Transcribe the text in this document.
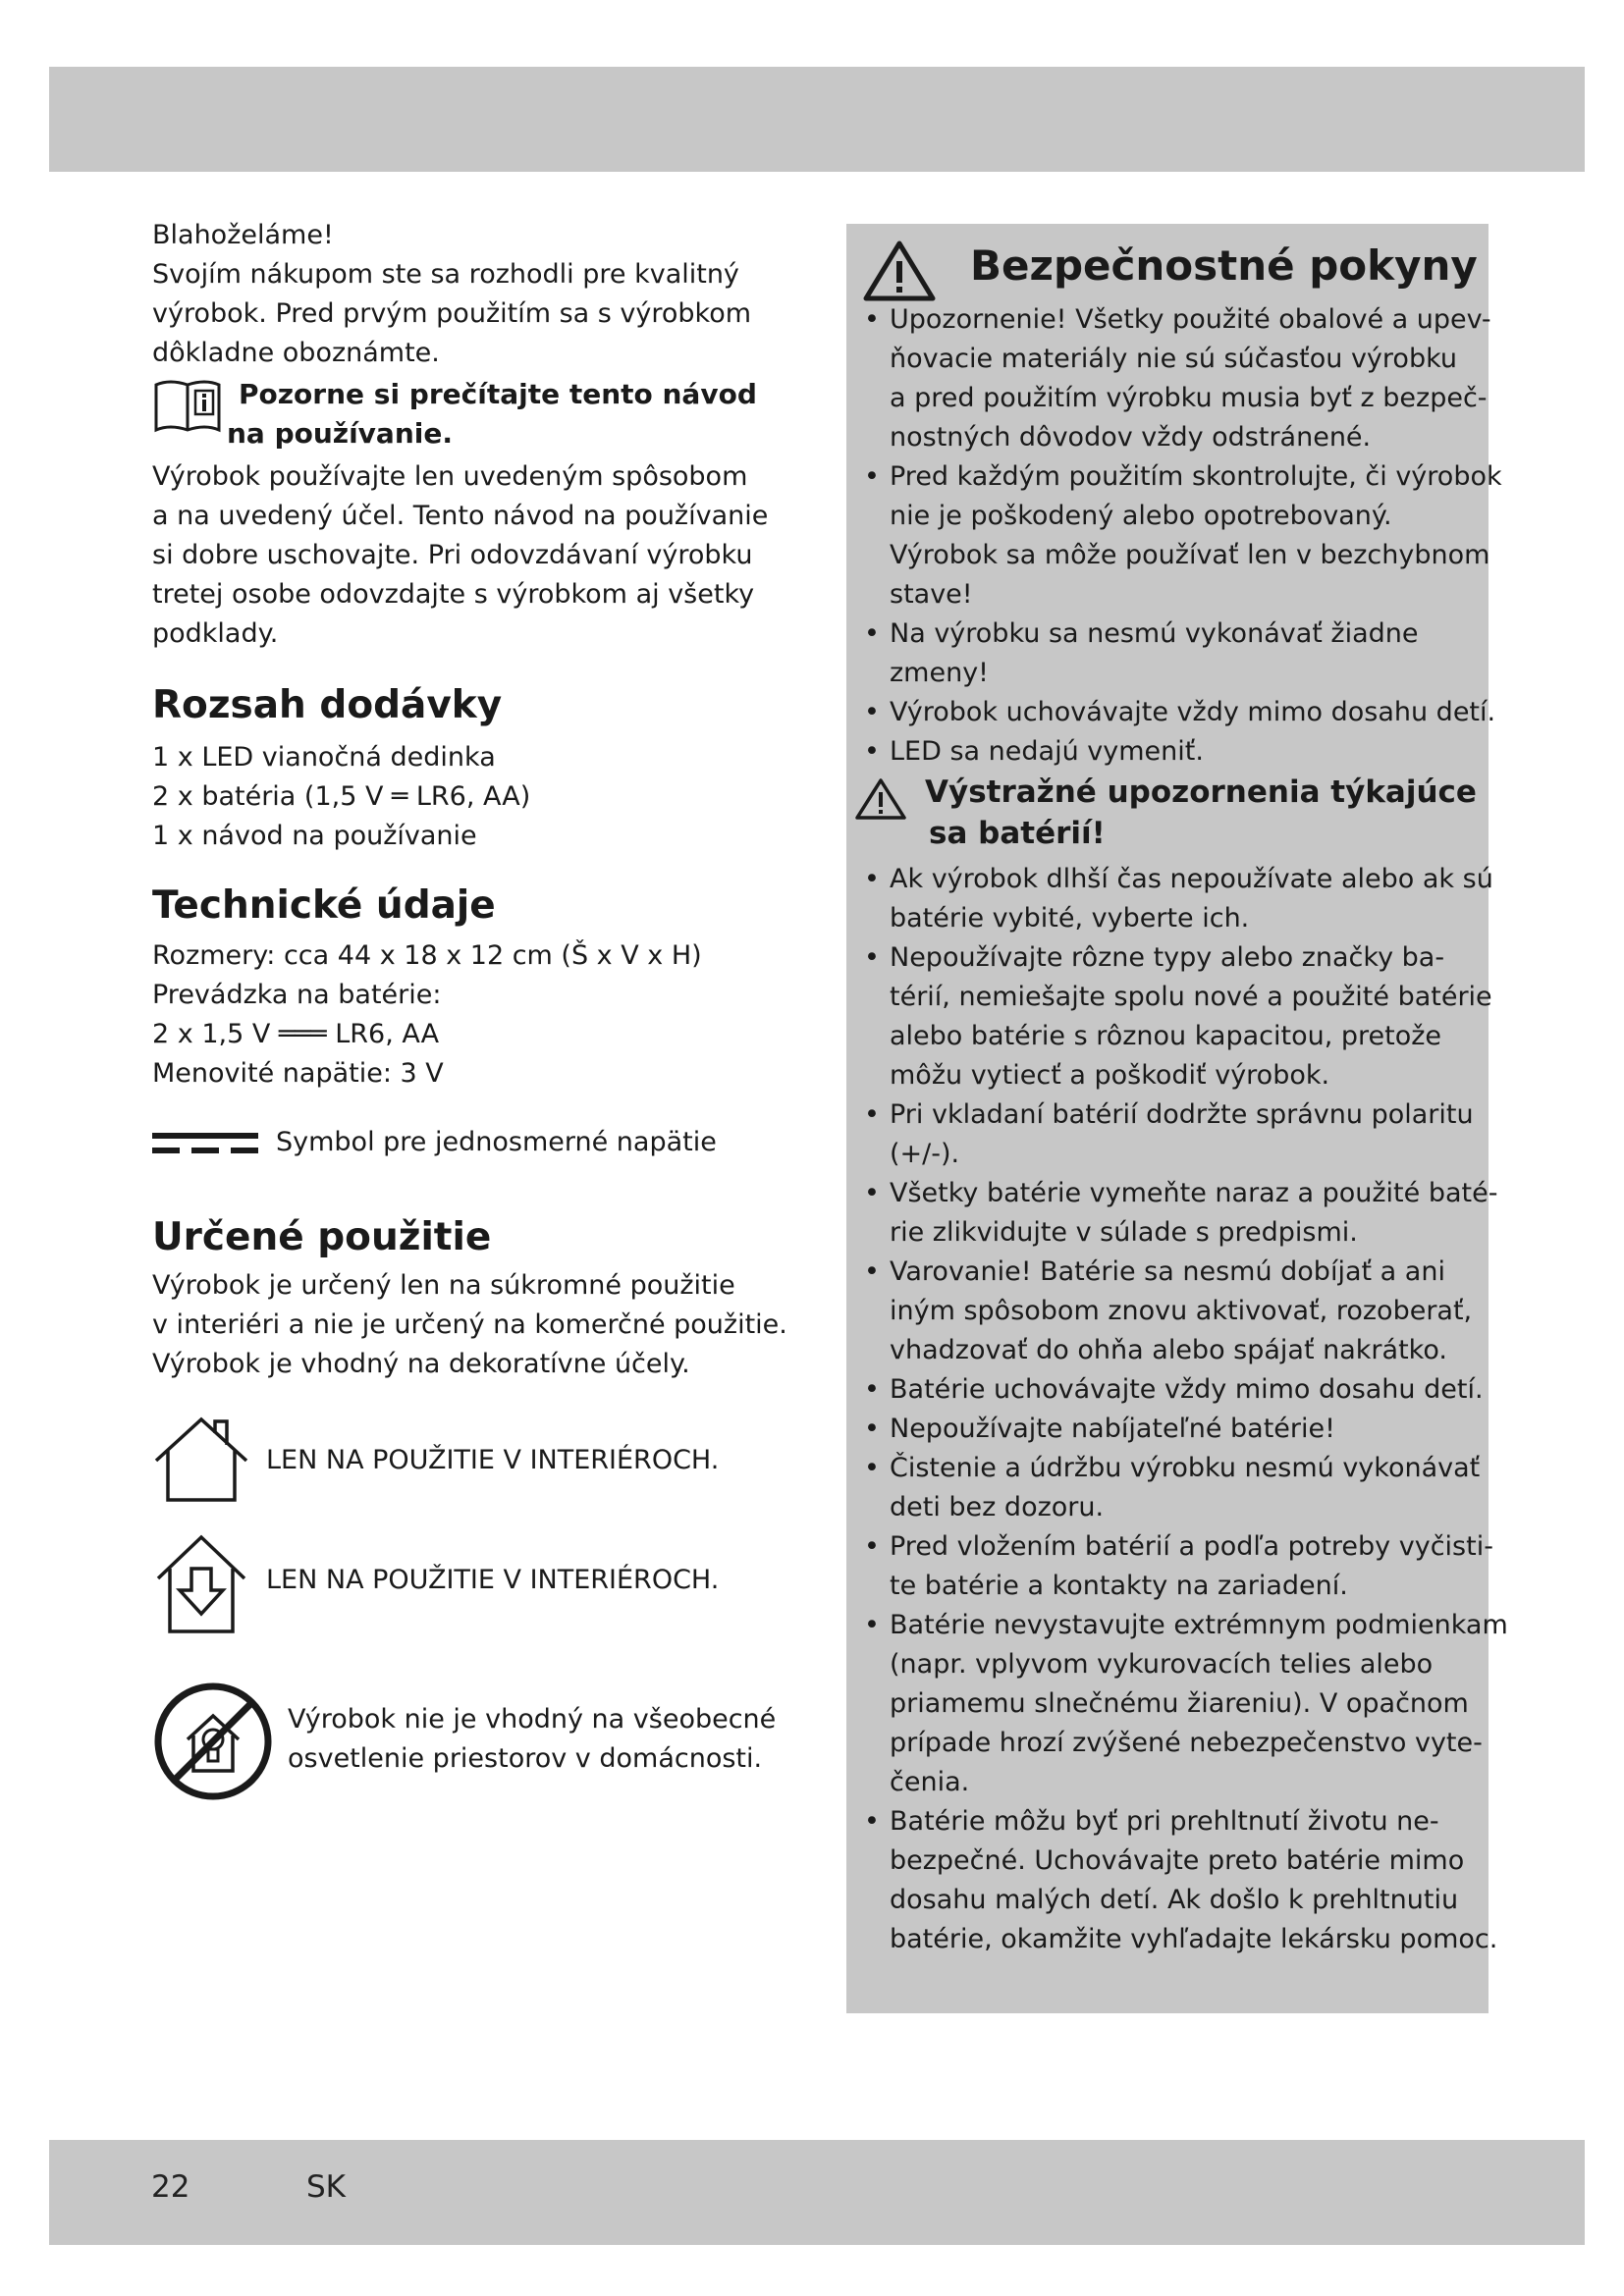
Blahoželáme!

Svojím nákupom ste sa rozhodli pre kvalitný

výrobok. Pred prvým použitím sa s výrobkom

dôkladne oboznámte.

Pozorne si prečítajte tento návod
na používanie.

Výrobok používajte len uvedeným spôsobom

a na uvedený účel. Tento návod na používanie

si dobre uschovajte. Pri odovzdávaní výrobku

tretej osobe odovzdajte s výrobkom aj všetky

podklady.

Rozsah dodávky

1 x LED vianočná dedinka

2 x batéria (1,5 V ═ LR6, AA)

1 x návod na používanie

Technické údaje

Rozmery: cca 44 x 18 x 12 cm (Š x V x H)

Prevádzka na batérie:

2 x 1,5 V ═══ LR6, AA

Menovité napätie: 3 V

Symbol pre jednosmerné napätie
Určené použitie

Výrobok je určený len na súkromné použitie

v interiéri a nie je určený na komerčné použitie.

Výrobok je vhodný na dekoratívne účely.

LEN NA POUŽITIE V INTERIÉROCH.
LEN NA POUŽITIE V INTERIÉROCH.
Výrobok nie je vhodný na všeobecné
osvetlenie priestorov v domácnosti.
Bezpečnostné pokyny
• Upozornenie! Všetky použité obalové a upev-
ňovacie materiály nie sú súčasťou výrobku
a pred použitím výrobku musia byť z bezpeč-
nostných dôvodov vždy odstránené.
• Pred každým použitím skontrolujte, či výrobok
nie je poškodený alebo opotrebovaný.
Výrobok sa môže používať len v bezchybnom
stave!
• Na výrobku sa nesmú vykonávať žiadne
zmeny!
• Výrobok uchovávajte vždy mimo dosahu detí.
• LED sa nedajú vymeniť.
Výstražné upozornenia týkajúce
sa batérií!
• Ak výrobok dlhší čas nepoužívate alebo ak sú
batérie vybité, vyberte ich.
• Nepoužívajte rôzne typy alebo značky ba-
térií, nemiešajte spolu nové a použité batérie
alebo batérie s rôznou kapacitou, pretože
môžu vytiecť a poškodiť výrobok.
• Pri vkladaní batérií dodržte správnu polaritu
(+/-).
• Všetky batérie vymeňte naraz a použité baté-
rie zlikvidujte v súlade s predpismi.
• Varovanie! Batérie sa nesmú dobíjať a ani
iným spôsobom znovu aktivovať, rozoberať,
vhadzovať do ohňa alebo spájať nakrátko.
• Batérie uchovávajte vždy mimo dosahu detí.
• Nepoužívajte nabíjateľné batérie!
• Čistenie a údržbu výrobku nesmú vykonávať
deti bez dozoru.
• Pred vložením batérií a podľa potreby vyčisti-
te batérie a kontakty na zariadení.
• Batérie nevystavujte extrémnym podmienkam
(napr. vplyvom vykurovacích telies alebo
priamemu slnečnému žiareniu). V opačnom
prípade hrozí zvýšené nebezpečenstvo vyte-
čenia.
• Batérie môžu byť pri prehltnutí životu ne-
bezpečné. Uchovávajte preto batérie mimo
dosahu malých detí. Ak došlo k prehltnutiu
batérie, okamžite vyhľadajte lekársku pomoc.
22	SK
